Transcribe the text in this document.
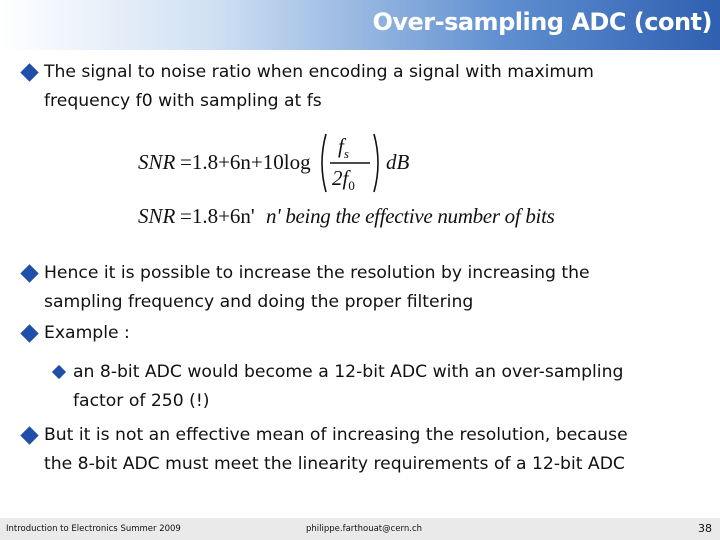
Over-sampling ADC (cont)
The signal to noise ratio when encoding a signal with maximum
frequency f0 with sampling at fs
SNR =1.8+6n+10log
$f_s$
$2f_0$
dB
SNR =1.8+6n' n' being the effective number of bits
Hence it is possible to increase the resolution by increasing the
sampling frequency and doing the proper filtering
Example :
an 8-bit ADC would become a 12-bit ADC with an over-sampling
factor of 250 (!)
But it is not an effective mean of increasing the resolution, because
the 8-bit ADC must meet the linearity requirements of a 12-bit ADC
Introduction to Electronics Summer 2009	philippe.farthouat@cern.ch	38
